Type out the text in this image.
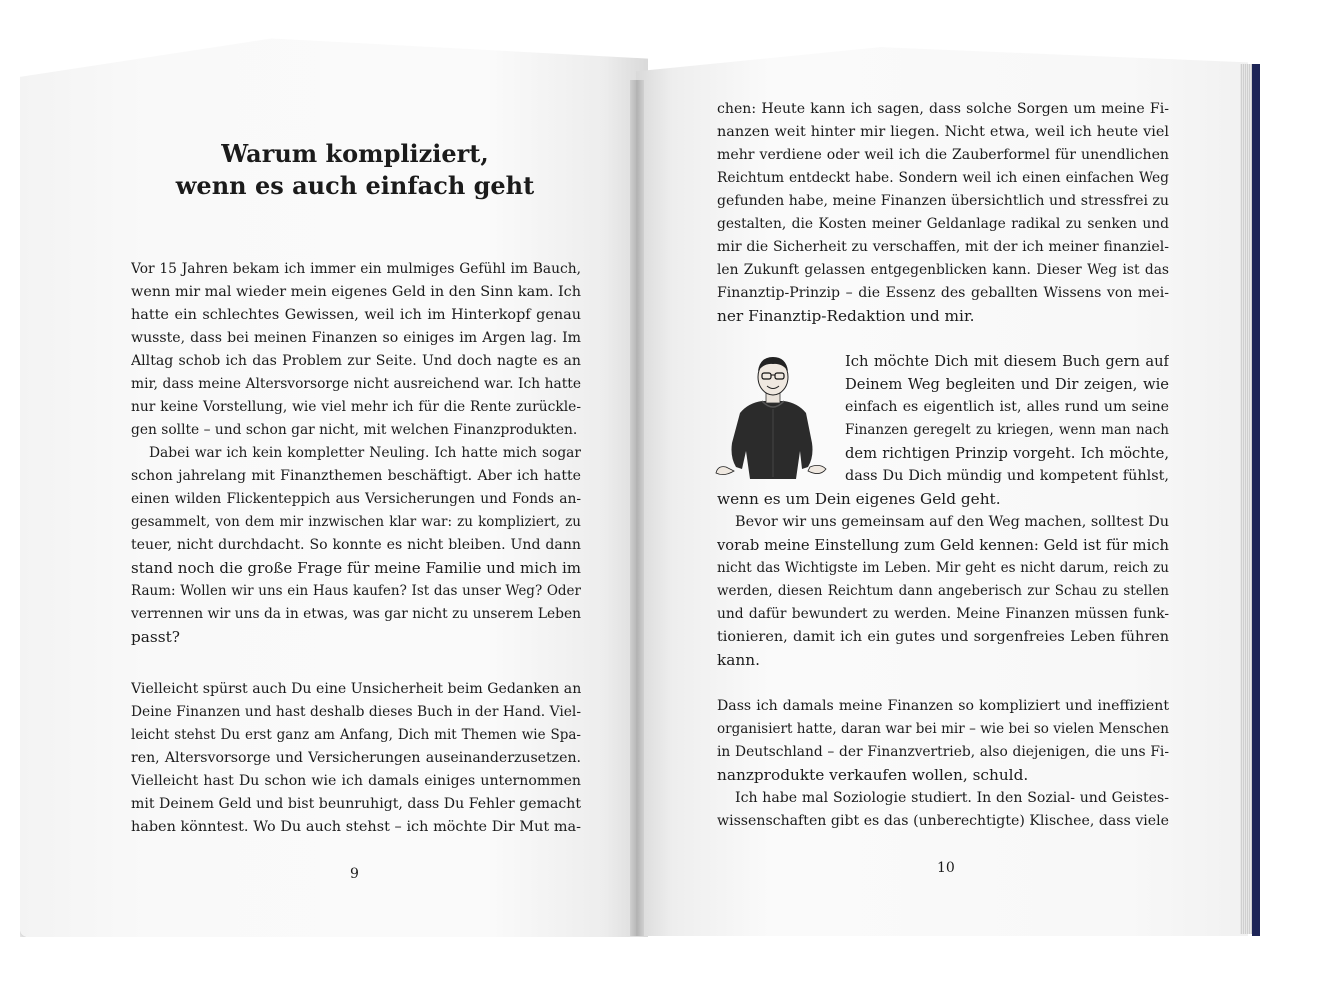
Warum kompliziert,
wenn es auch einfach geht
Vor 15 Jahren bekam ich immer ein mulmiges Gefühl im Bauch,
wenn mir mal wieder mein eigenes Geld in den Sinn kam. Ich
hatte ein schlechtes Gewissen, weil ich im Hinterkopf genau
wusste, dass bei meinen Finanzen so einiges im Argen lag. Im
Alltag schob ich das Problem zur Seite. Und doch nagte es an
mir, dass meine Altersvorsorge nicht ausreichend war. Ich hatte
nur keine Vorstellung, wie viel mehr ich für die Rente zurückle-
gen sollte – und schon gar nicht, mit welchen Finanzprodukten.
Dabei war ich kein kompletter Neuling. Ich hatte mich sogar
schon jahrelang mit Finanzthemen beschäftigt. Aber ich hatte
einen wilden Flickenteppich aus Versicherungen und Fonds an-
gesammelt, von dem mir inzwischen klar war: zu kompliziert, zu
teuer, nicht durchdacht. So konnte es nicht bleiben. Und dann
stand noch die große Frage für meine Familie und mich im
Raum: Wollen wir uns ein Haus kaufen? Ist das unser Weg? Oder
verrennen wir uns da in etwas, was gar nicht zu unserem Leben
passt?
Vielleicht spürst auch Du eine Unsicherheit beim Gedanken an
Deine Finanzen und hast deshalb dieses Buch in der Hand. Viel-
leicht stehst Du erst ganz am Anfang, Dich mit Themen wie Spa-
ren, Altersvorsorge und Versicherungen auseinanderzusetzen.
Vielleicht hast Du schon wie ich damals einiges unternommen
mit Deinem Geld und bist beunruhigt, dass Du Fehler gemacht
haben könntest. Wo Du auch stehst – ich möchte Dir Mut ma-
9
chen: Heute kann ich sagen, dass solche Sorgen um meine Fi-
nanzen weit hinter mir liegen. Nicht etwa, weil ich heute viel
mehr verdiene oder weil ich die Zauberformel für unendlichen
Reichtum entdeckt habe. Sondern weil ich einen einfachen Weg
gefunden habe, meine Finanzen übersichtlich und stressfrei zu
gestalten, die Kosten meiner Geldanlage radikal zu senken und
mir die Sicherheit zu verschaffen, mit der ich meiner finanziel-
len Zukunft gelassen entgegenblicken kann. Dieser Weg ist das
Finanztip-Prinzip – die Essenz des geballten Wissens von mei-
ner Finanztip-Redaktion und mir.
Ich möchte Dich mit diesem Buch gern auf
Deinem Weg begleiten und Dir zeigen, wie
einfach es eigentlich ist, alles rund um seine
Finanzen geregelt zu kriegen, wenn man nach
dem richtigen Prinzip vorgeht. Ich möchte,
dass Du Dich mündig und kompetent fühlst,
wenn es um Dein eigenes Geld geht.
Bevor wir uns gemeinsam auf den Weg machen, solltest Du
vorab meine Einstellung zum Geld kennen: Geld ist für mich
nicht das Wichtigste im Leben. Mir geht es nicht darum, reich zu
werden, diesen Reichtum dann angeberisch zur Schau zu stellen
und dafür bewundert zu werden. Meine Finanzen müssen funk-
tionieren, damit ich ein gutes und sorgenfreies Leben führen
kann.
Dass ich damals meine Finanzen so kompliziert und ineffizient
organisiert hatte, daran war bei mir – wie bei so vielen Menschen
in Deutschland – der Finanzvertrieb, also diejenigen, die uns Fi-
nanzprodukte verkaufen wollen, schuld.
Ich habe mal Soziologie studiert. In den Sozial- und Geistes-
wissenschaften gibt es das (unberechtigte) Klischee, dass viele
10
